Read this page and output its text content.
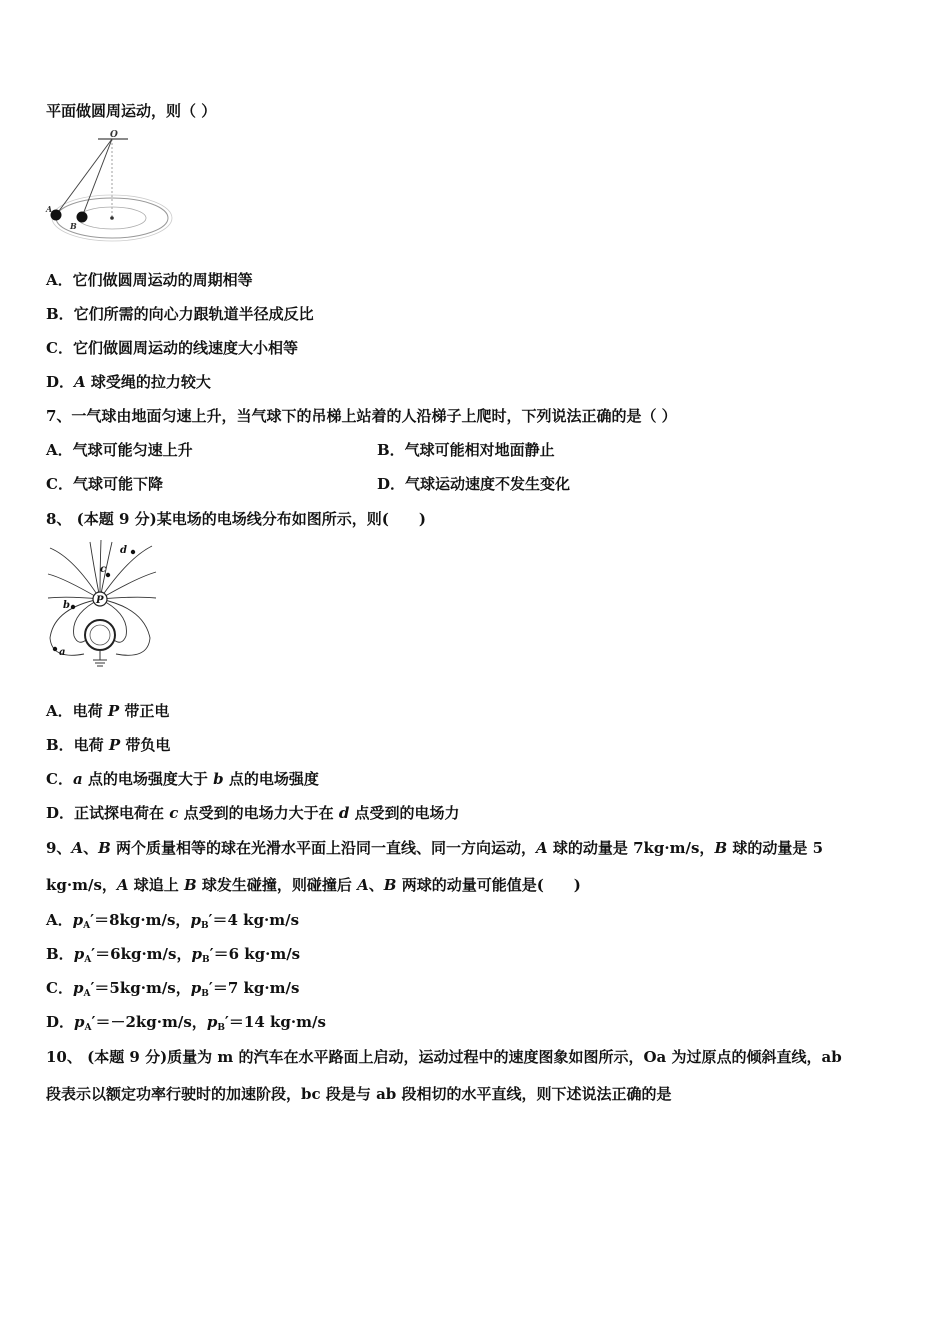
平面做圆周运动，则（ ）
O
A
B
A．它们做圆周运动的周期相等
B．它们所需的向心力跟轨道半径成反比
C．它们做圆周运动的线速度大小相等
D．A 球受绳的拉力较大
7、一气球由地面匀速上升，当气球下的吊梯上站着的人沿梯子上爬时，下列说法正确的是（ ）
A．气球可能匀速上升	B．气球可能相对地面静止
C．气球可能下降	D．气球运动速度不发生变化
8、 (本题 9 分)某电场的电场线分布如图所示，则(　　)
P
d
c
b
a
A．电荷 P 带正电
B．电荷 P 带负电
C．a 点的电场强度大于 b 点的电场强度
D．正试探电荷在 c 点受到的电场力大于在 d 点受到的电场力
9、A、B 两个质量相等的球在光滑水平面上沿同一直线、同一方向运动，A 球的动量是 7kg·m/s，B 球的动量是 5
kg·m/s，A 球追上 B 球发生碰撞，则碰撞后 A、B 两球的动量可能值是(　　)
A．$p_A'=8kg\cdot m/s$，$p_B'=4$ kg·m/s
B．$p_A'=6kg\cdot m/s$，$p_B'=6$ kg·m/s
C．$p_A'=5kg\cdot m/s$，$p_B'=7$ kg·m/s
D．$p_A'=-2kg\cdot m/s$，$p_B'=14$ kg·m/s
10、 (本题 9 分)质量为 m 的汽车在水平路面上启动，运动过程中的速度图象如图所示，Oa 为过原点的倾斜直线，ab
段表示以额定功率行驶时的加速阶段，bc 段是与 ab 段相切的水平直线，则下述说法正确的是
